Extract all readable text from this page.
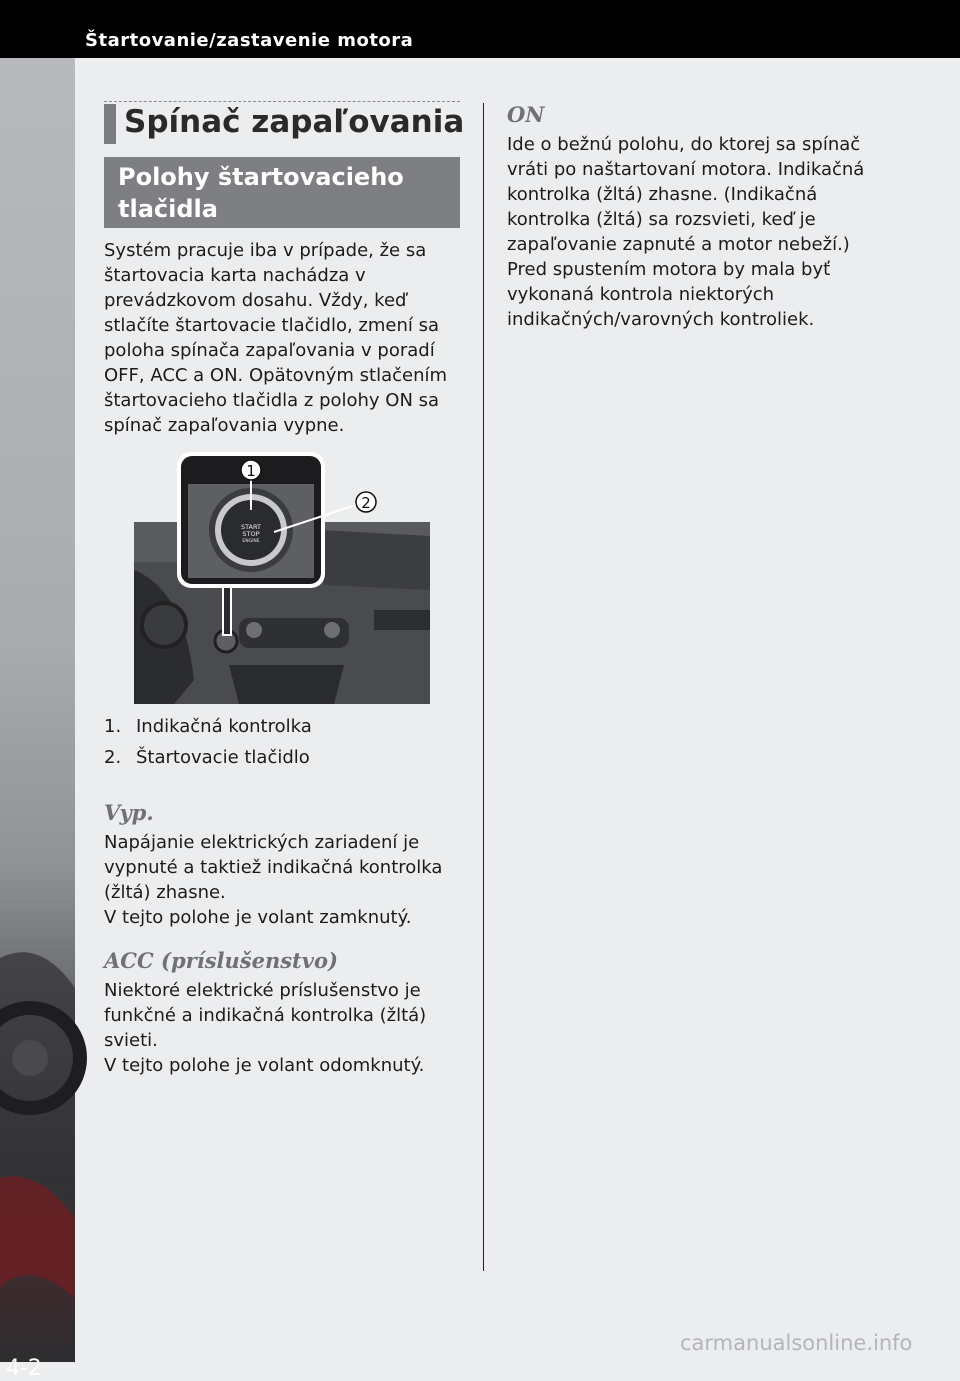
Štartovanie/zastavenie motora
4-2
Spínač zapaľovania
Polohy štartovacieho tlačidla
Systém pracuje iba v prípade, že sa štartovacia karta nachádza v prevádzkovom dosahu. Vždy, keď stlačíte štartovacie tlačidlo, zmení sa poloha spínača zapaľovania v poradí OFF, ACC a ON. Opätovným stlačením štartovacieho tlačidla z polohy ON sa spínač zapaľovania vypne.
START
STOP
ENGINE
1
2
1. Indikačná kontrolka
2. Štartovacie tlačidlo
Vyp.
Napájanie elektrických zariadení je vypnuté a taktiež indikačná kontrolka (žltá) zhasne.
V tejto polohe je volant zamknutý.
ACC (príslušenstvo)
Niektoré elektrické príslušenstvo je funkčné a indikačná kontrolka (žltá) svieti.
V tejto polohe je volant odomknutý.
ON
Ide o bežnú polohu, do ktorej sa spínač vráti po naštartovaní motora. Indikačná kontrolka (žltá) zhasne. (Indikačná kontrolka (žltá) sa rozsvieti, keď je zapaľovanie zapnuté a motor nebeží.) Pred spustením motora by mala byť vykonaná kontrola niektorých indikačných/varovných kontroliek.
carmanualsonline.info
